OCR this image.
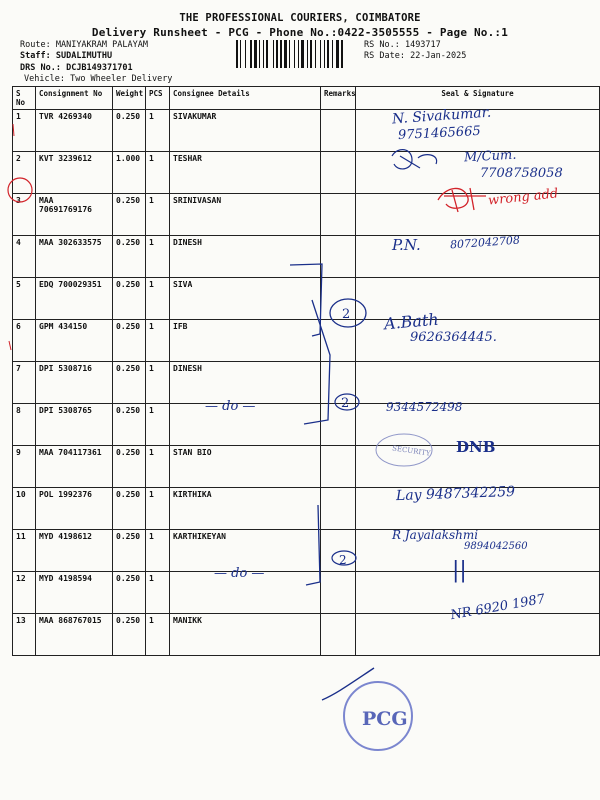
THE PROFESSIONAL COURIERS, COIMBATORE
Delivery Runsheet - PCG - Phone No.:0422-3505555 - Page No.:1
Route: MANIYAKRAM PALAYAM
Staff: SUDALIMUTHU
DRS No.: DCJB149371701
Vehicle: Two Wheeler Delivery
RS No.: 1493717
RS Date: 22-Jan-2025
S No	Consignment No	Weight	PCS	Consignee Details	Remarks	Seal & Signature
1	TVR 4269340	0.250	1	SIVAKUMAR		
2	KVT 3239612	1.000	1	TESHAR		
3	MAA 70691769176	0.250	1	SRINIVASAN		
4	MAA 302633575	0.250	1	DINESH		
5	EDQ 700029351	0.250	1	SIVA		
6	GPM 434150	0.250	1	IFB		
7	DPI 5308716	0.250	1	DINESH		
8	DPI 5308765	0.250	1			
9	MAA 704117361	0.250	1	STAN BIO		
10	POL 1992376	0.250	1	KIRTHIKA		
11	MYD 4198612	0.250	1	KARTHIKEYAN		
12	MYD 4198594	0.250	1			
13	MAA 868767015	0.250	1	MANIKK		
N. Sivakumar.
9751465665
M/Cum.
7708758058
wrong add
P.N.	8072042708
A.Bath
9626364445.
9344572498
DNB
Lay 9487342259
R Jayalakshmi
9894042560
||
NR 6920 1987
— do —
— do —
2
2
2
SECURITY
PCG
